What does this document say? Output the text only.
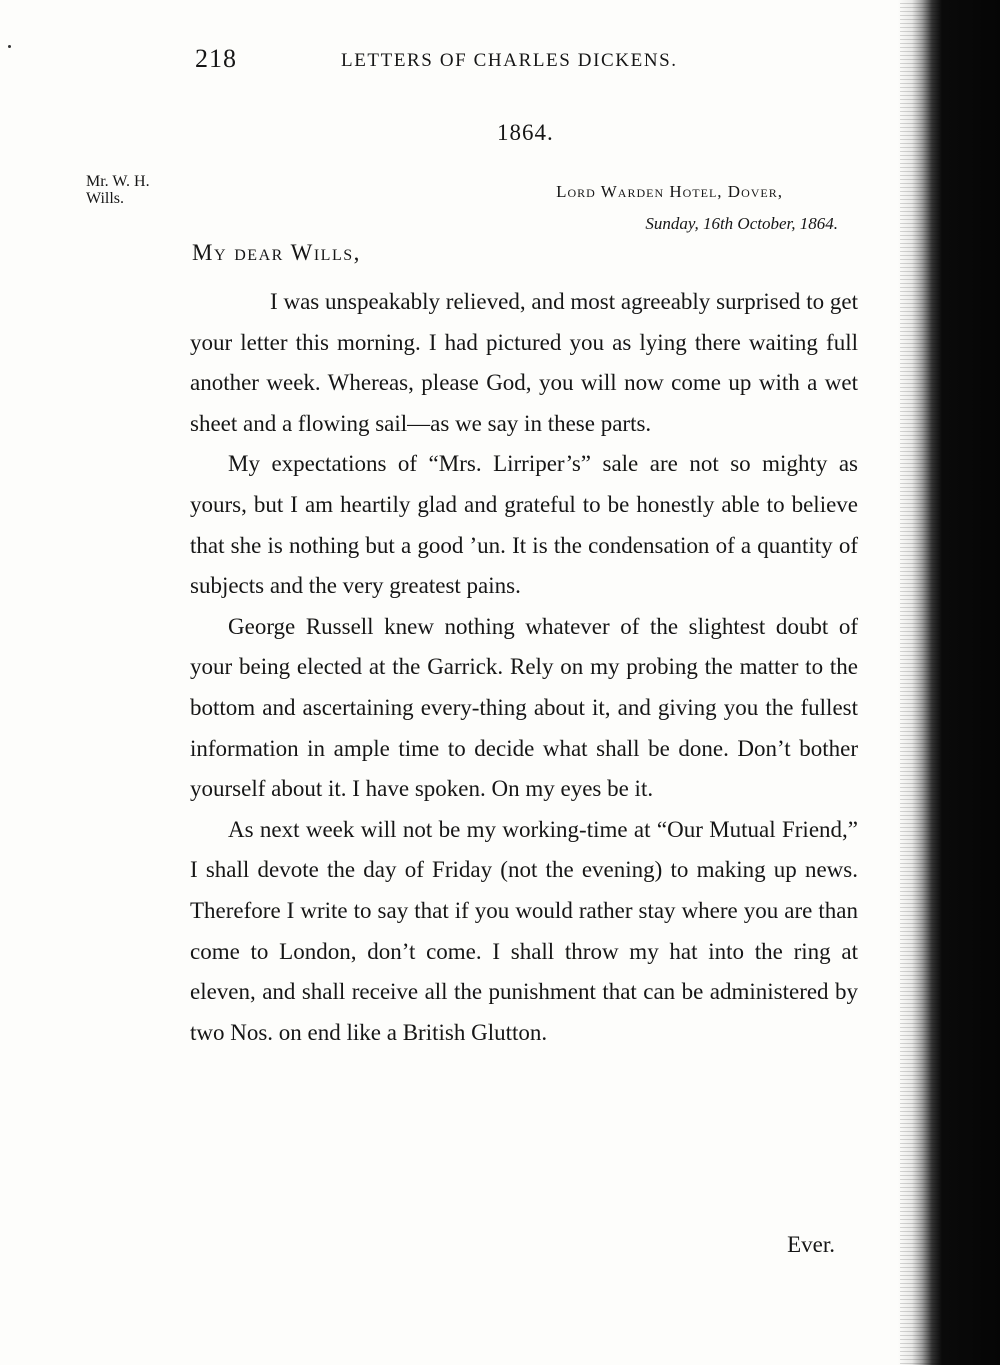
218	LETTERS OF CHARLES DICKENS.
1864.
Mr. W. H.
Wills.	Lord Warden Hotel, Dover,
Sunday, 16th October, 1864.
My dear Wills,

I was unspeakably relieved, and most agreeably surprised to get your letter this morning. I had pictured you as lying there waiting full another week. Whereas, please God, you will now come up with a wet sheet and a flowing sail—as we say in these parts.

My expectations of “Mrs. Lirriper’s” sale are not so mighty as yours, but I am heartily glad and grateful to be honestly able to believe that she is nothing but a good ’un. It is the condensation of a quantity of subjects and the very greatest pains.

George Russell knew nothing whatever of the slightest doubt of your being elected at the Garrick. Rely on my probing the matter to the bottom and ascertaining every-thing about it, and giving you the fullest information in ample time to decide what shall be done. Don’t bother yourself about it. I have spoken. On my eyes be it.

As next week will not be my working-time at “Our Mutual Friend,” I shall devote the day of Friday (not the evening) to making up news. Therefore I write to say that if you would rather stay where you are than come to London, don’t come. I shall throw my hat into the ring at eleven, and shall receive all the punishment that can be administered by two Nos. on end like a British Glutton.

Ever.
